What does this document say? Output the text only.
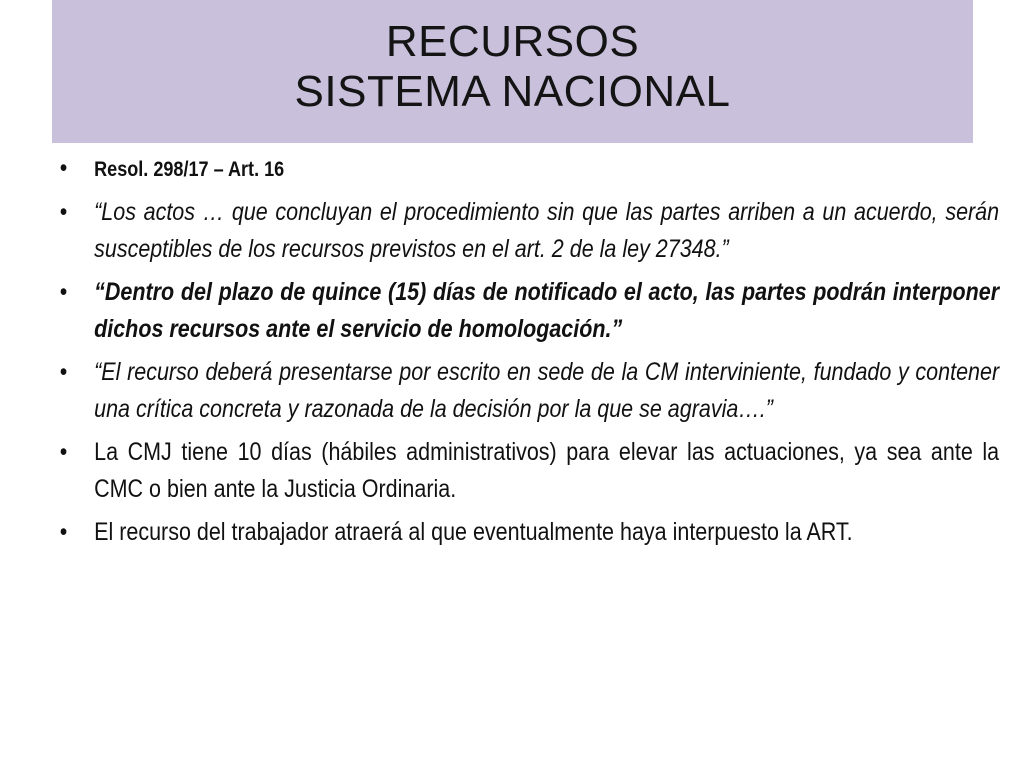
RECURSOS
SISTEMA NACIONAL
• Resol. 298/17 – Art. 16
• “Los actos … que concluyan el procedimiento sin que las partes arriben a un acuerdo, serán susceptibles de los recursos previstos en el art. 2 de la ley 27348.”
• “Dentro del plazo de quince (15) días de notificado el acto, las partes podrán interponer dichos recursos ante el servicio de homologación.”
• “El recurso deberá presentarse por escrito en sede de la CM interviniente, fundado y contener una crítica concreta y razonada de la decisión por la que se agravia….”
• La CMJ tiene 10 días (hábiles administrativos) para elevar las actuaciones, ya sea ante la CMC o bien ante la Justicia Ordinaria.
• El recurso del trabajador atraerá al que eventualmente haya interpuesto la ART.
